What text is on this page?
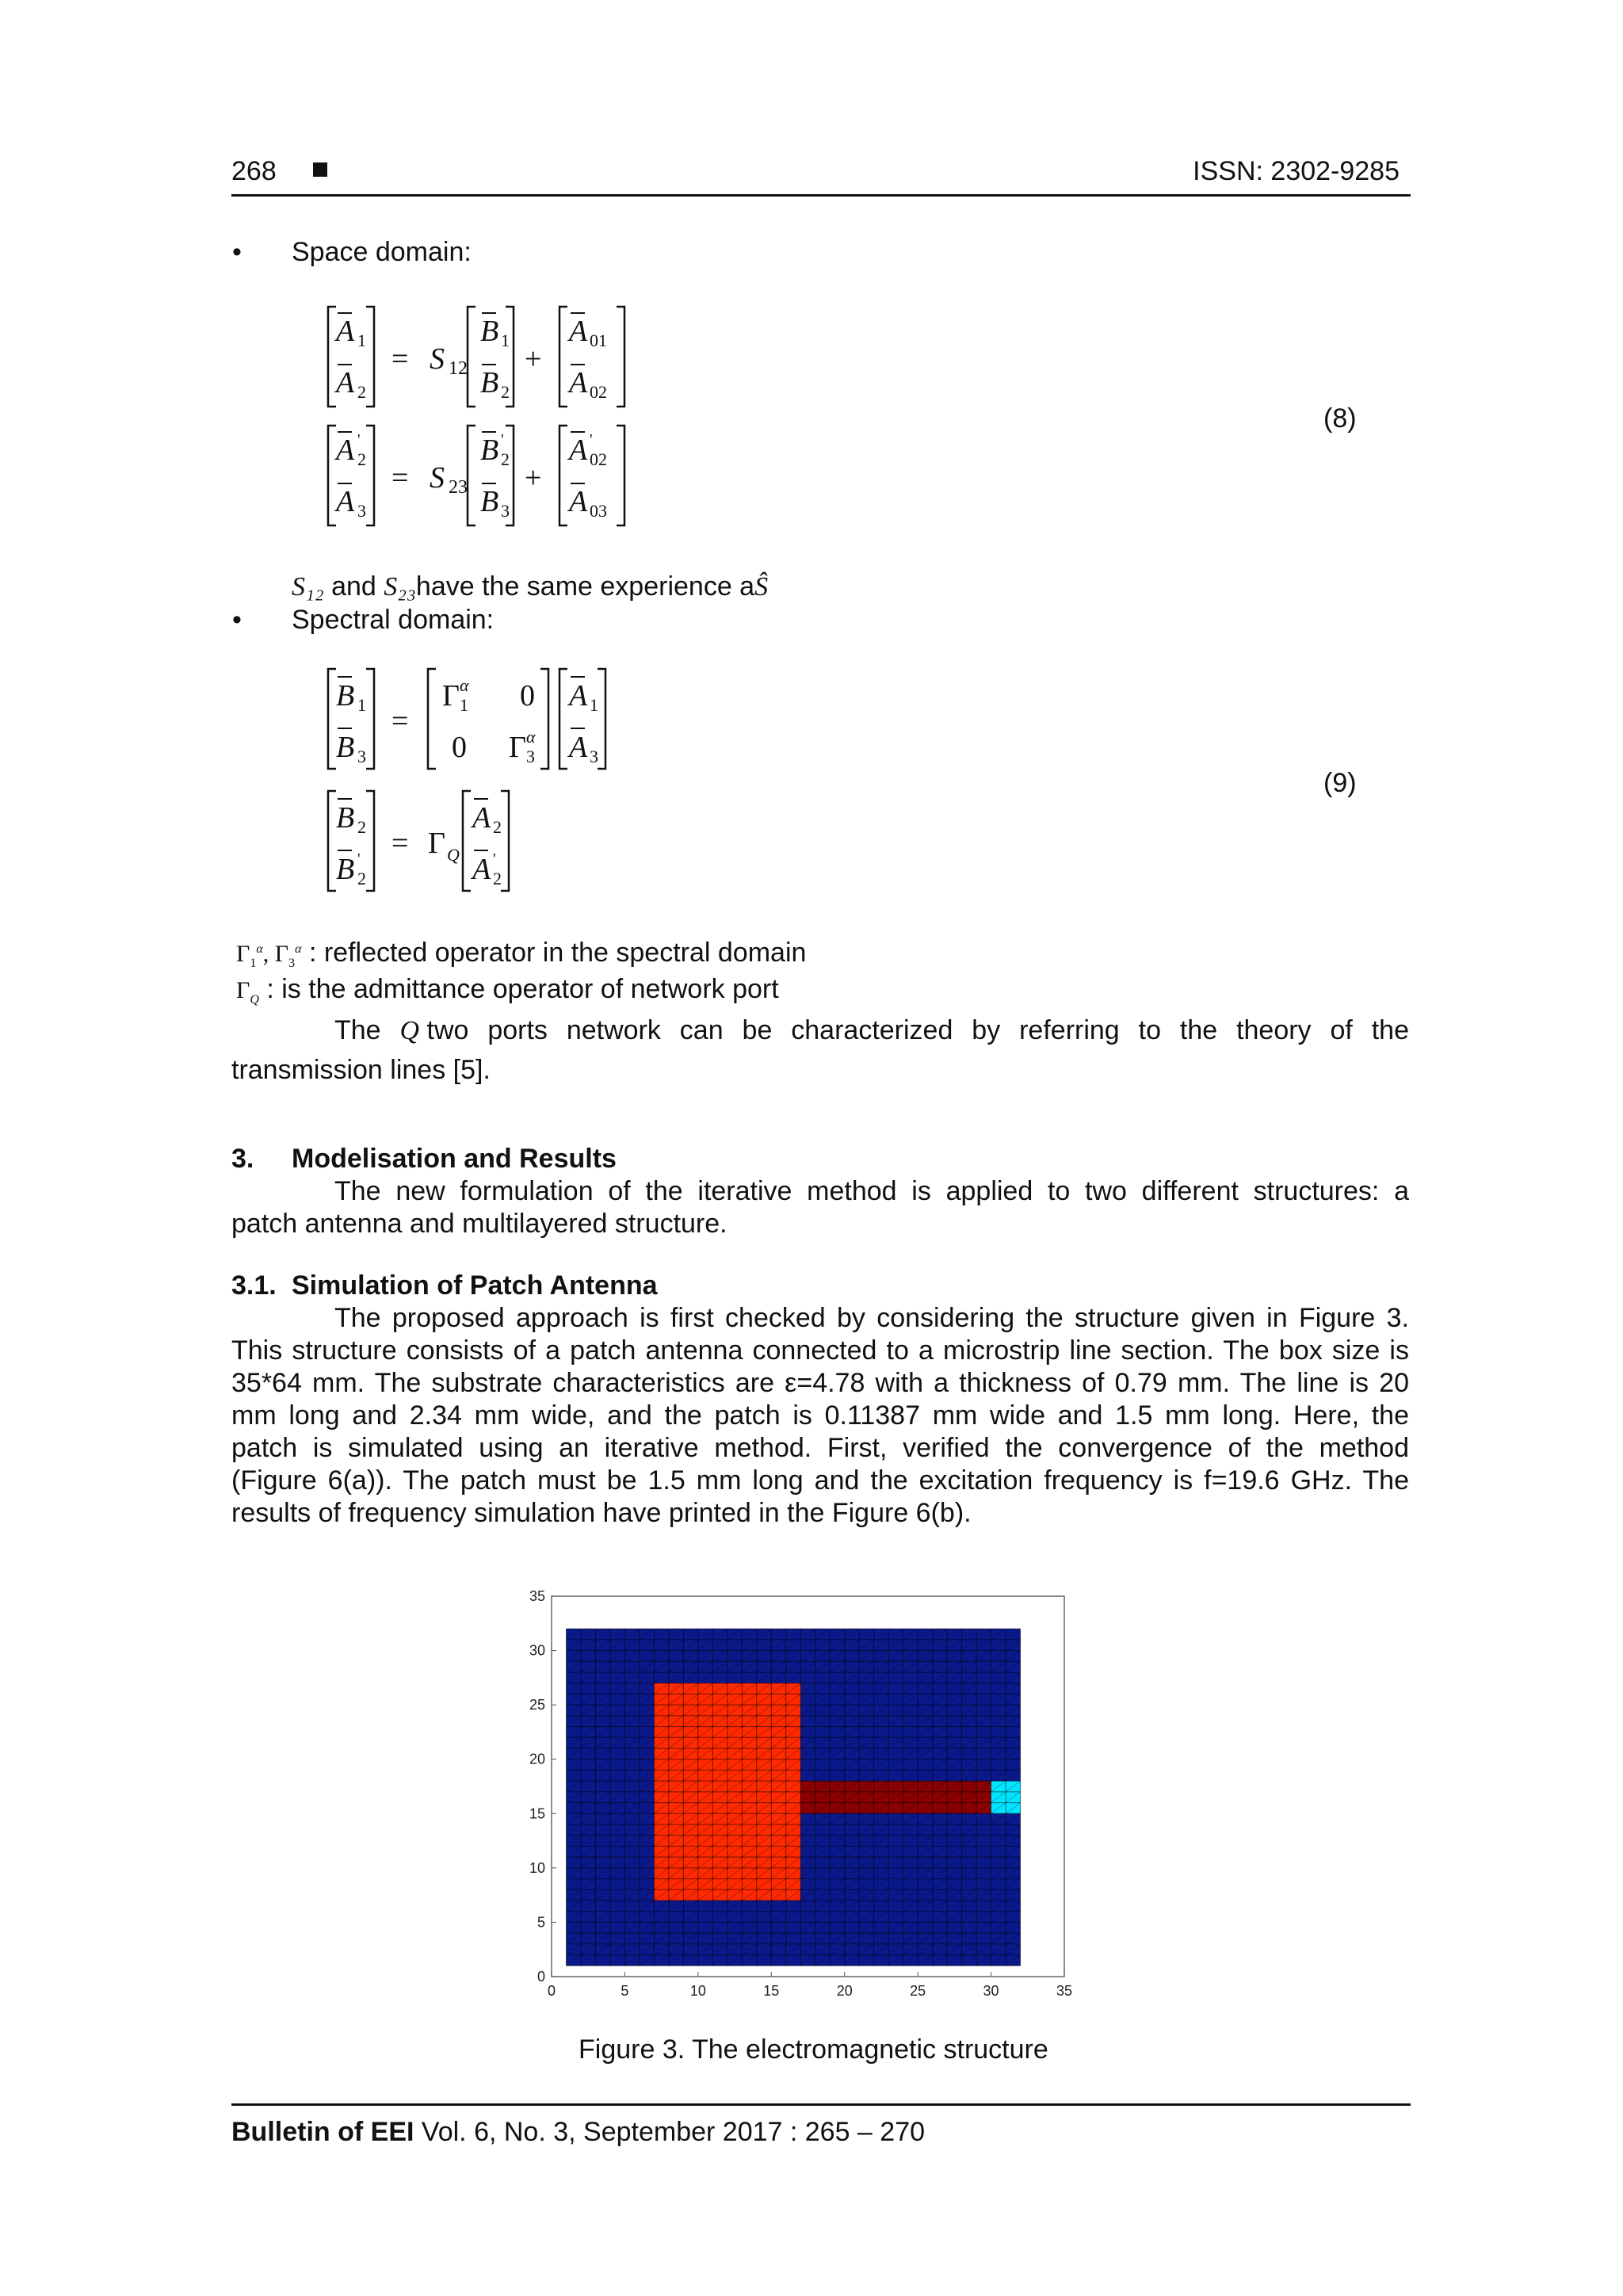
268	ISSN: 2302-9285
• Space domain:
A 1
A 2
= S 12
B 1
B 2
+
A 01
A 02
A 2
'
A 3
= S 23
B 2
'
B 3
+
A 02
'
A 03
(8)
S₁₂ and S₂₃have the same experience aŜ
• Spectral domain:
B 1
B 3
=
Γ 1
α 0
0 Γ 3
α
A 1
A 3
B 2
B 2
' = Γ Q
A 2
A 2
'
(9)
$\Gamma_1^\alpha$, $\Gamma_3^\alpha$ : reflected operator in the spectral domain
$\Gamma_Q$ : is the admittance operator of network port
The Q two ports network can be characterized by referring to the theory of the
transmission lines [5].
3. Modelisation and Results
The new formulation of the iterative method is applied to two different structures: a
patch antenna and multilayered structure.
3.1. Simulation of Patch Antenna
The proposed approach is first checked by considering the structure given in Figure 3.
This structure consists of a patch antenna connected to a microstrip line section. The box size is
35*64 mm. The substrate characteristics are ε=4.78 with a thickness of 0.79 mm. The line is 20
mm long and 2.34 mm wide, and the patch is 0.11387 mm wide and 1.5 mm long. Here, the
patch is simulated using an iterative method. First, verified the convergence of the method
(Figure 6(a)). The patch must be 1.5 mm long and the excitation frequency is f=19.6 GHz. The
results of frequency simulation have printed in the Figure 6(b).
0	5	10	15	20	25	30	35
0
5
10
15
20
25
30
35
Figure 3. The electromagnetic structure
Bulletin of EEI Vol. 6, No. 3, September 2017 : 265 – 270
